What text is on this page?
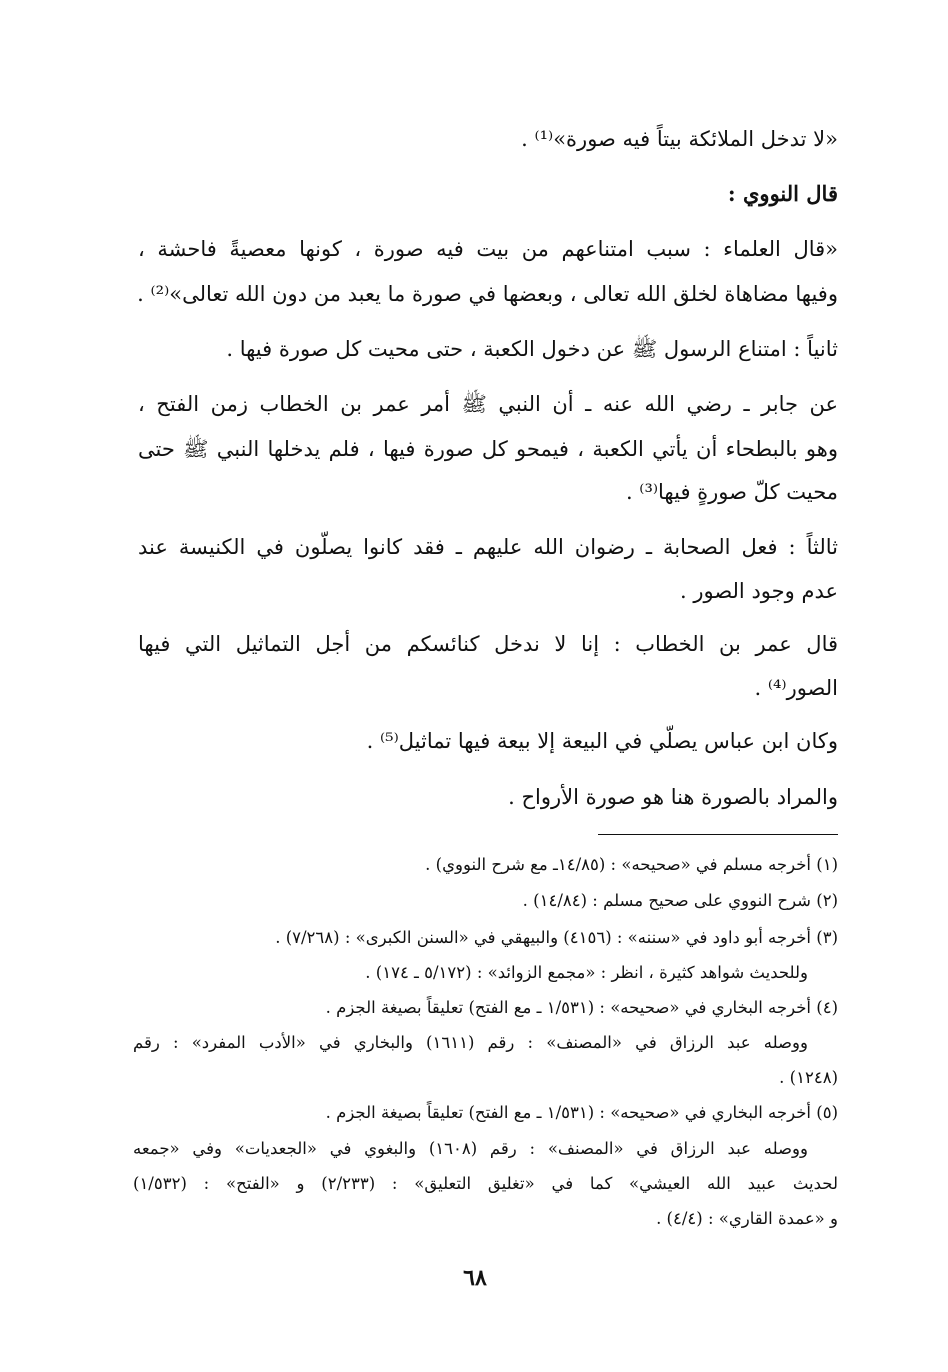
«لا تدخل الملائكة بيتاً فيه صورة»⁽¹⁾ .
قال النووي :
«قال العلماء : سبب امتناعهم من بيت فيه صورة ، كونها معصيةً فاحشة ،
وفيها مضاهاة لخلق الله تعالى ، وبعضها في صورة ما يعبد من دون الله تعالى»⁽²⁾ .
ثانياً : امتناع الرسول ﷺ عن دخول الكعبة ، حتى محيت كل صورة فيها .
عن جابر ـ رضي الله عنه ـ أن النبي ﷺ أمر عمر بن الخطاب زمن الفتح ،
وهو بالبطحاء أن يأتي الكعبة ، فيمحو كل صورة فيها ، فلم يدخلها النبي ﷺ حتى
محيت كلّ صورةٍ فيها⁽³⁾ .
ثالثاً : فعل الصحابة ـ رضوان الله عليهم ـ فقد كانوا يصلّون في الكنيسة عند
عدم وجود الصور .
قال عمر بن الخطاب : إنا لا ندخل كنائسكم من أجل التماثيل التي فيها
الصور⁽⁴⁾ .
وكان ابن عباس يصلّي في البيعة إلا بيعة فيها تماثيل⁽⁵⁾ .
والمراد بالصورة هنا هو صورة الأرواح .
(١) أخرجه مسلم في «صحيحه» : (١٤/٨٥ـ مع شرح النووي) .
(٢) شرح النووي على صحيح مسلم : (١٤/٨٤) .
(٣) أخرجه أبو داود في «سننه» : (٤١٥٦) والبيهقي في «السنن الكبرى» : (٧/٢٦٨) .
وللحديث شواهد كثيرة ، انظر : «مجمع الزوائد» : (٥/١٧٢ ـ ١٧٤) .
(٤) أخرجه البخاري في «صحيحه» : (١/٥٣١ ـ مع الفتح) تعليقاً بصيغة الجزم .
ووصله عبد الرزاق في «المصنف» : رقم (١٦١١) والبخاري في «الأدب المفرد» : رقم
(١٢٤٨) .
(٥) أخرجه البخاري في «صحيحه» : (١/٥٣١ ـ مع الفتح) تعليقاً بصيغة الجزم .
ووصله عبد الرزاق في «المصنف» : رقم (١٦٠٨) والبغوي في «الجعديات» وفي «جمعه
لحديث عبيد الله العيشي» كما في «تغليق التعليق» : (٢/٢٣٣) و «الفتح» : (١/٥٣٢)
و «عمدة القاري» : (٤/٤) .
٦٨
